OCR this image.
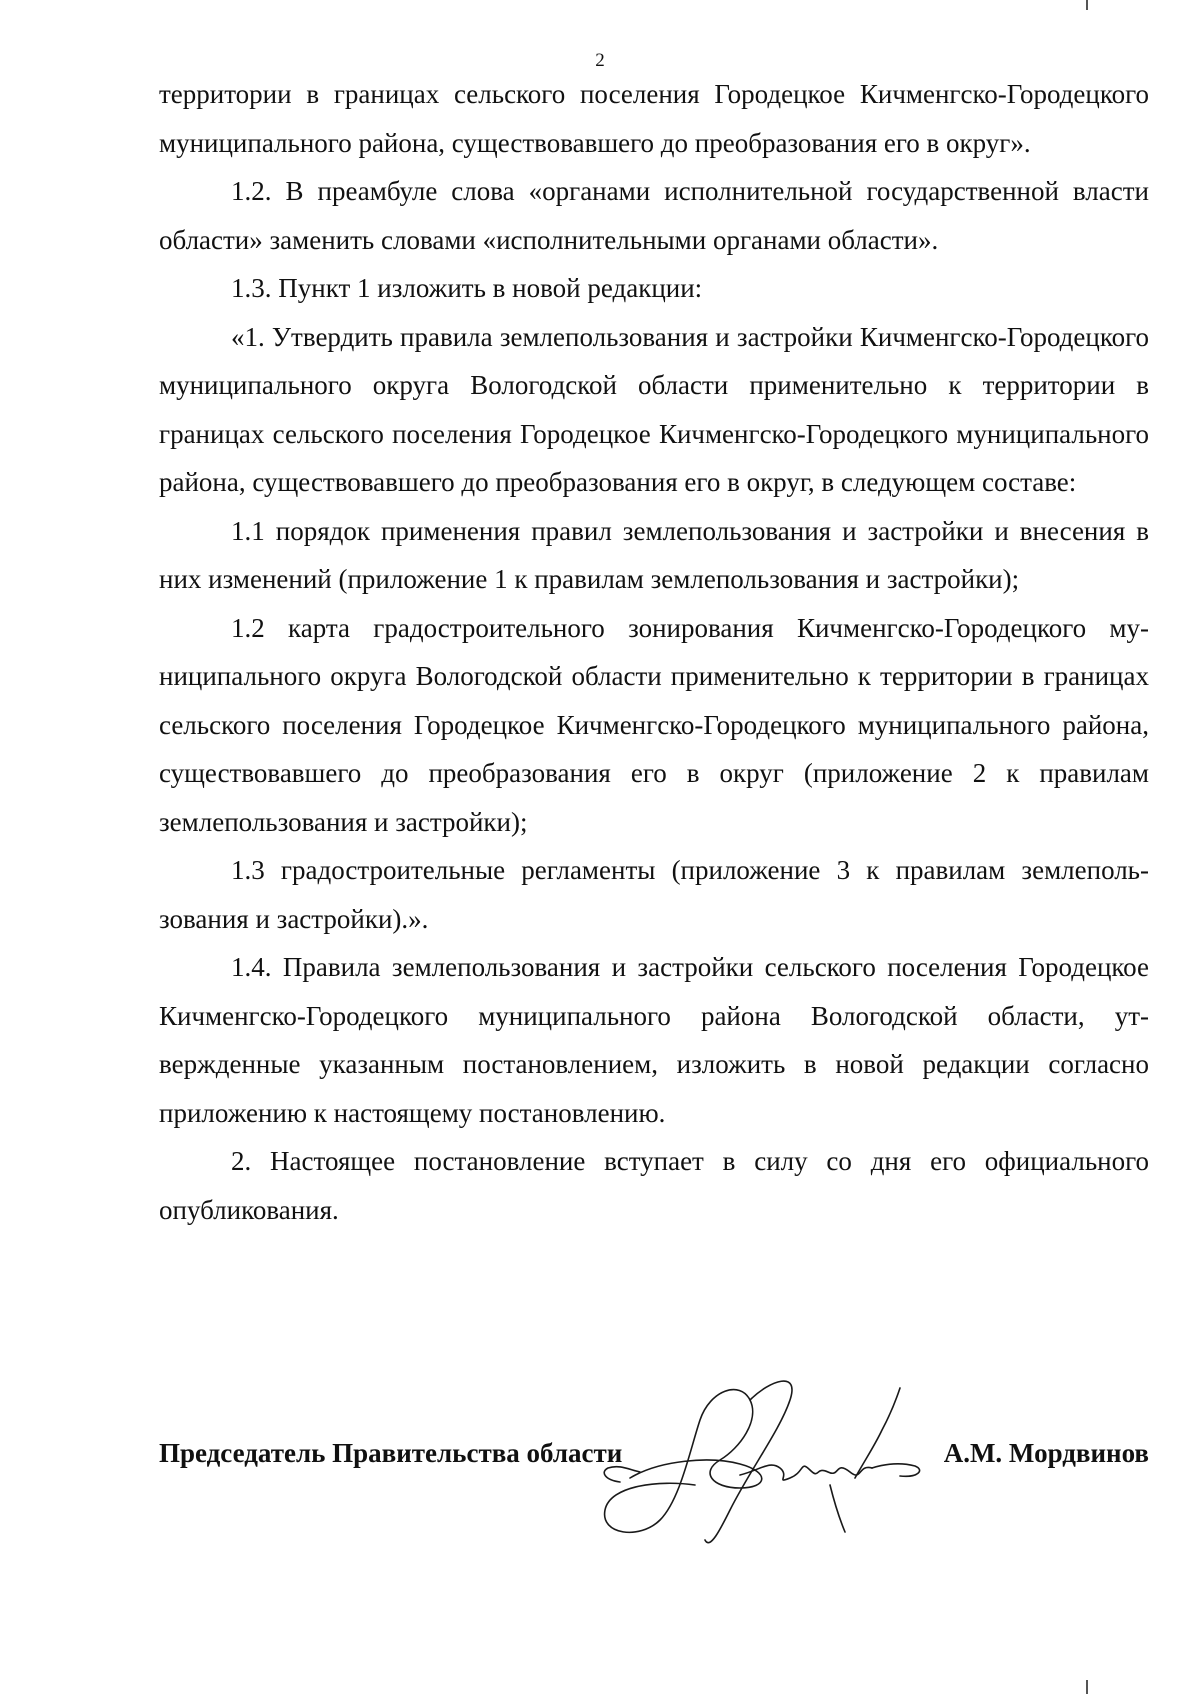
2

территории в границах сельского поселения Городецкое Кичменгско-Городецкого муниципального района, существовавшего до преобразования его в округ».

1.2. В преамбуле слова «органами исполнительной государственной власти области» заменить словами «исполнительными органами области».

1.3. Пункт 1 изложить в новой редакции:

«1. Утвердить правила землепользования и застройки Кичменгско-Городецкого муниципального округа Вологодской области применительно к территории в границах сельского поселения Городецкое Кичменгско-Городецкого муниципального района, существовавшего до преобразования его в округ, в следующем составе:

1.1 порядок применения правил землепользования и застройки и внесения в них изменений (приложение 1 к правилам землепользования и застройки);

1.2 карта градостроительного зонирования Кичменгско-Городецкого муниципального округа Вологодской области применительно к территории в границах сельского поселения Городецкое Кичменгско-Городецкого муниципального района, существовавшего до преобразования его в округ (приложение 2 к правилам землепользования и застройки);

1.3 градостроительные регламенты (приложение 3 к правилам землепользования и застройки).».

1.4. Правила землепользования и застройки сельского поселения Городецкое Кичменгско-Городецкого муниципального района Вологодской области, утвержденные указанным постановлением, изложить в новой редакции согласно приложению к настоящему постановлению.

2. Настоящее постановление вступает в силу со дня его официального опубликования.

Председатель Правительства области	А.М. Мордвинов
